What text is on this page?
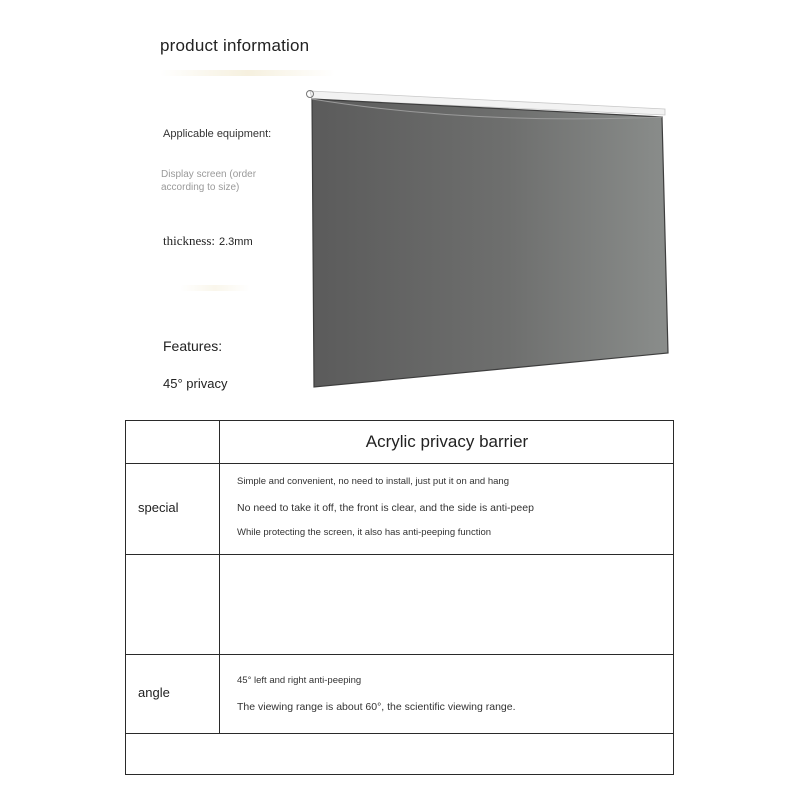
product information
Applicable equipment:
Display screen (order according to size)
thickness: 2.3mm
Features:
45° privacy
Acrylic privacy barrier
special
Simple and convenient, no need to install, just put it on and hang
No need to take it off, the front is clear, and the side is anti-peep
While protecting the screen, it also has anti-peeping function
angle
45° left and right anti-peeping
The viewing range is about 60°, the scientific viewing range.
